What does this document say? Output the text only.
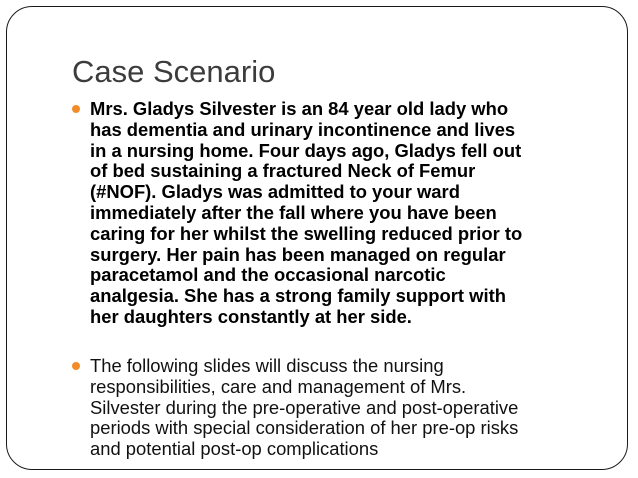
Case Scenario
Mrs. Gladys Silvester is an 84 year old lady who
has dementia and urinary incontinence and lives
in a nursing home. Four days ago, Gladys fell out
of bed sustaining a fractured Neck of Femur
(#NOF). Gladys was admitted to your ward
immediately after the fall where you have been
caring for her whilst the swelling reduced prior to
surgery. Her pain has been managed on regular
paracetamol and the occasional narcotic
analgesia. She has a strong family support with
her daughters constantly at her side.
The following slides will discuss the nursing
responsibilities, care and management of Mrs.
Silvester during the pre-operative and post-operative
periods with special consideration of her pre-op risks
and potential post-op complications
